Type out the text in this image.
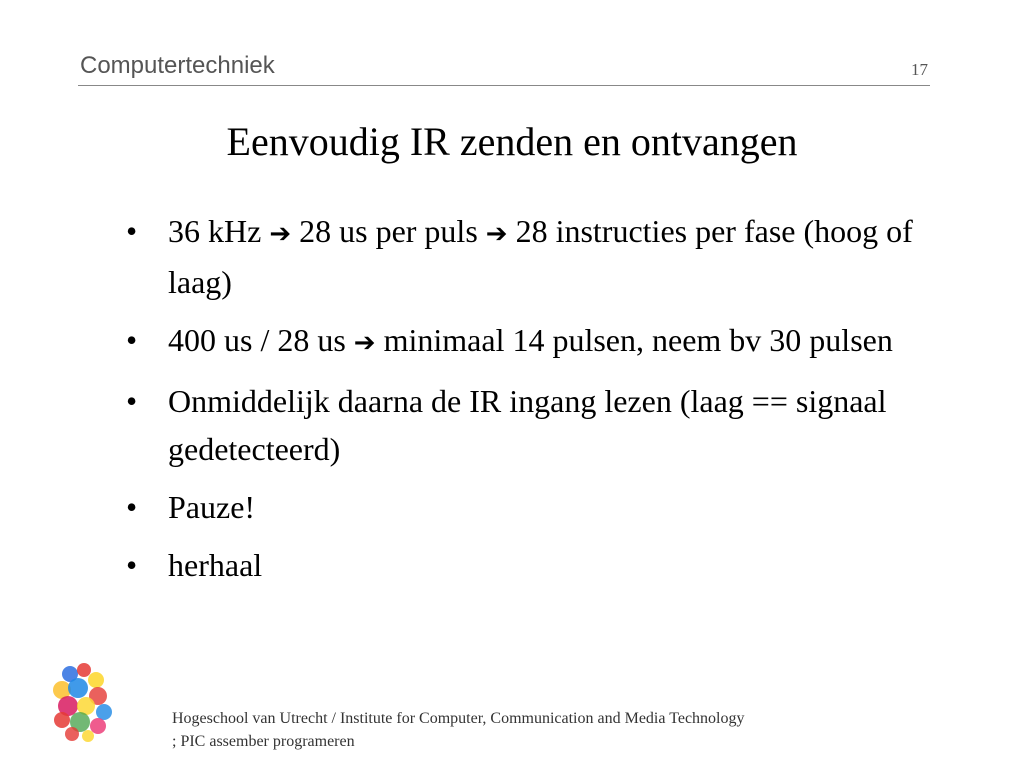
Computertechniek	17
Eenvoudig IR zenden en ontvangen
• 36 kHz ➔ 28 us per puls ➔ 28 instructies per fase (hoog of laag)
• 400 us / 28 us ➔ minimaal 14 pulsen, neem bv 30 pulsen
• Onmiddelijk daarna de IR ingang lezen (laag == signaal gedetecteerd)
• Pauze!
• herhaal
Hogeschool van Utrecht / Institute for Computer, Communication and Media Technology
; PIC assember programeren
